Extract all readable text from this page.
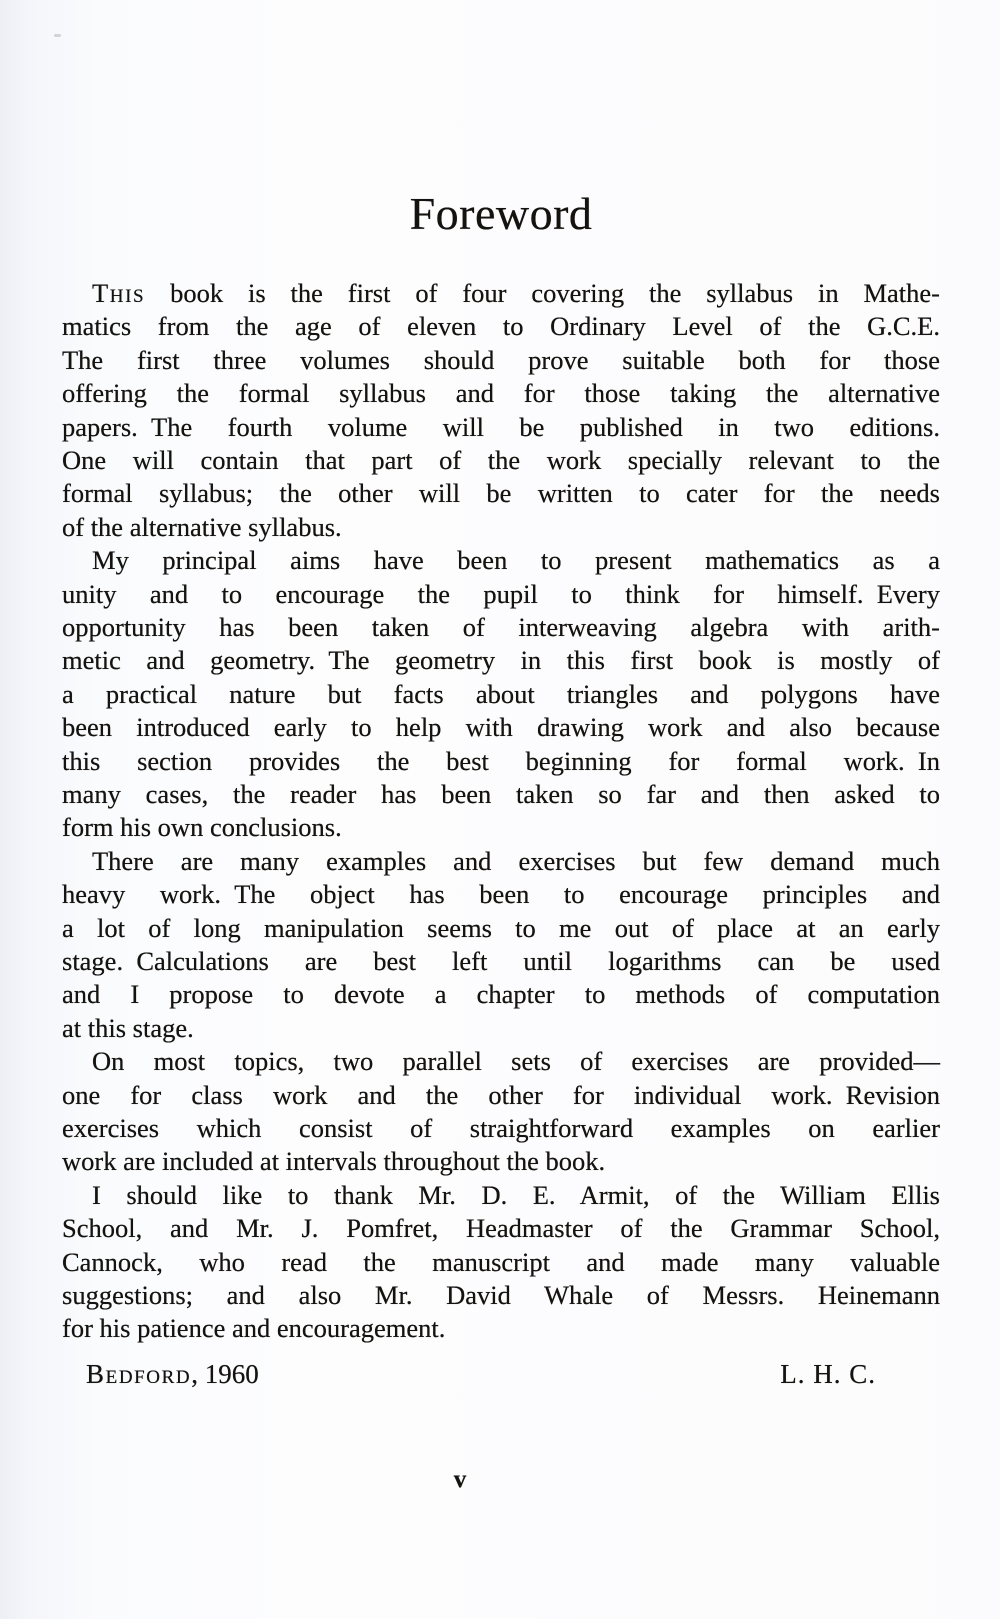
Foreword
This book is the first of four covering the syllabus in Mathe-
matics from the age of eleven to Ordinary Level of the G.C.E.
The first three volumes should prove suitable both for those
offering the formal syllabus and for those taking the alternative
papers. The fourth volume will be published in two editions.
One will contain that part of the work specially relevant to the
formal syllabus; the other will be written to cater for the needs
of the alternative syllabus.
My principal aims have been to present mathematics as a
unity and to encourage the pupil to think for himself. Every
opportunity has been taken of interweaving algebra with arith-
metic and geometry. The geometry in this first book is mostly of
a practical nature but facts about triangles and polygons have
been introduced early to help with drawing work and also because
this section provides the best beginning for formal work. In
many cases, the reader has been taken so far and then asked to
form his own conclusions.
There are many examples and exercises but few demand much
heavy work. The object has been to encourage principles and
a lot of long manipulation seems to me out of place at an early
stage. Calculations are best left until logarithms can be used
and I propose to devote a chapter to methods of computation
at this stage.
On most topics, two parallel sets of exercises are provided—
one for class work and the other for individual work. Revision
exercises which consist of straightforward examples on earlier
work are included at intervals throughout the book.
I should like to thank Mr. D. E. Armit, of the William Ellis
School, and Mr. J. Pomfret, Headmaster of the Grammar School,
Cannock, who read the manuscript and made many valuable
suggestions; and also Mr. David Whale of Messrs. Heinemann
for his patience and encouragement.
Bedford, 1960	L. H. C.
v
